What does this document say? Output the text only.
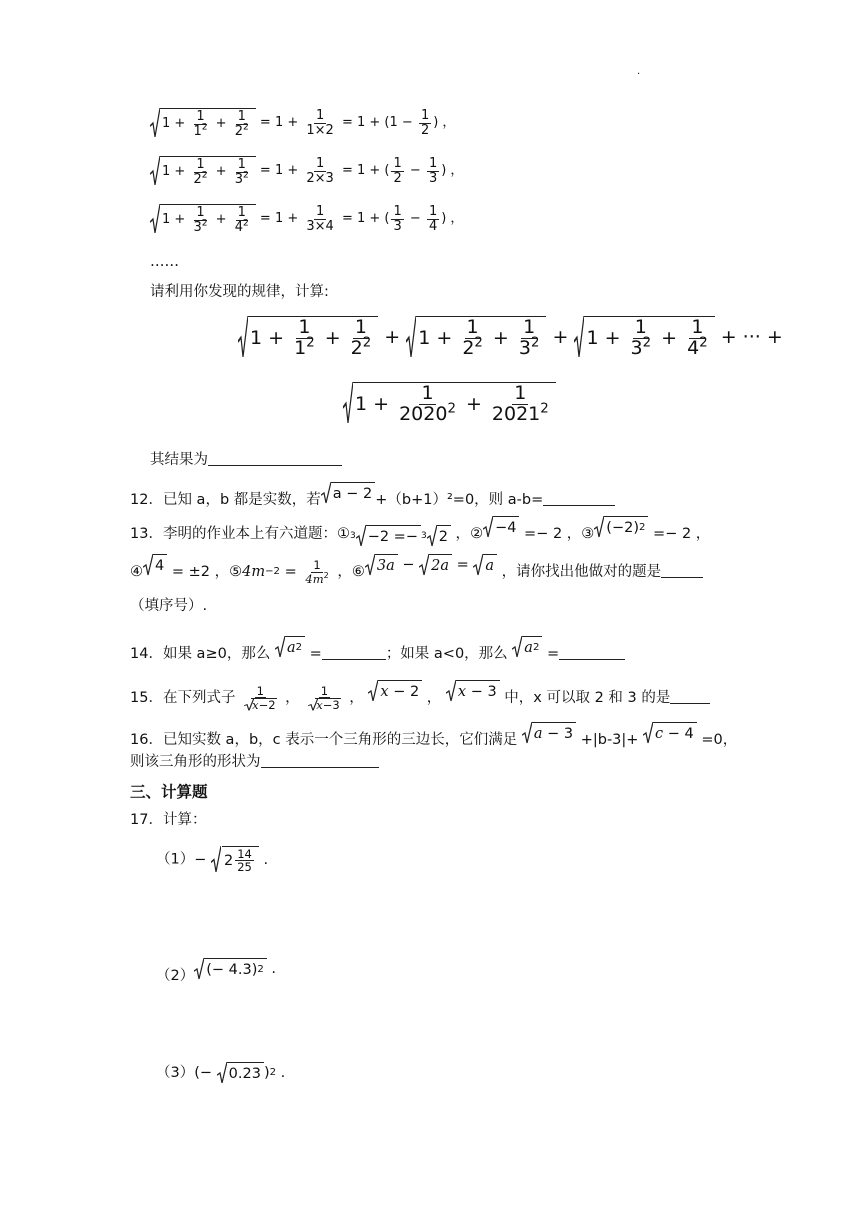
.
$1 + \frac{1}{1^2} + \frac{1}{2^2} = 1 + \frac{1}{1\times 2} = 1$ + ( $1 - \frac{1}{2}$ ) ，
$1 + \frac{1}{2^2} + \frac{1}{3^2} = 1 + \frac{1}{2\times 3} = 1$ + ( $\frac{1}{2} - \frac{1}{3}$ ) ，
$1 + \frac{1}{3^2} + \frac{1}{4^2} = 1 + \frac{1}{3\times 4} = 1$ + ( $\frac{1}{3} - \frac{1}{4}$ ) ，
……
请利用你发现的规律，计算:
$1 + \frac{1}{1^2} + \frac{1}{2^2} + 1 + \frac{1}{2^2} + \frac{1}{3^2} + 1 + \frac{1}{3^2} + \frac{1}{4^2}$ + ··· +
$1 + \frac{1}{2020^2} + \frac{1}{2021^2}$
其结果为
12．已知 a，b 都是实数，若 a − 2 +（b+1）²=0，则 a-b=
13．李明的作业本上有六道题：① 3 −2 =− 3 2 ，② −4 =− 2 ，③ (−2) 2 =− 2 ，
④ 4 = ±2 ，⑤ $4m -2 = \frac{1}{4m^2}$ ，⑥ 3a − 2a = a ，请你找出他做对的题是
（填序号）.
14．如果 a≥0，那么 a 2 =	；如果 a<0，那么 a 2 =
15．在下列式子 $\frac{1}{x -2}$ ， $\frac{1}{x -3}$ ， x − 2 ， x − 3 中，x 可以取 2 和 3 的是
16．已知实数 a，b，c 表示一个三角形的三边长，它们满足 a − 3 +|b-3|+ c − 4 =0，
则该三角形的形状为
三、计算题
17．计算：
$(1) - 2 \frac{14}{25}$ .
（2） (− 4.3) 2 .
（3） (− 0.23 ) 2 .
